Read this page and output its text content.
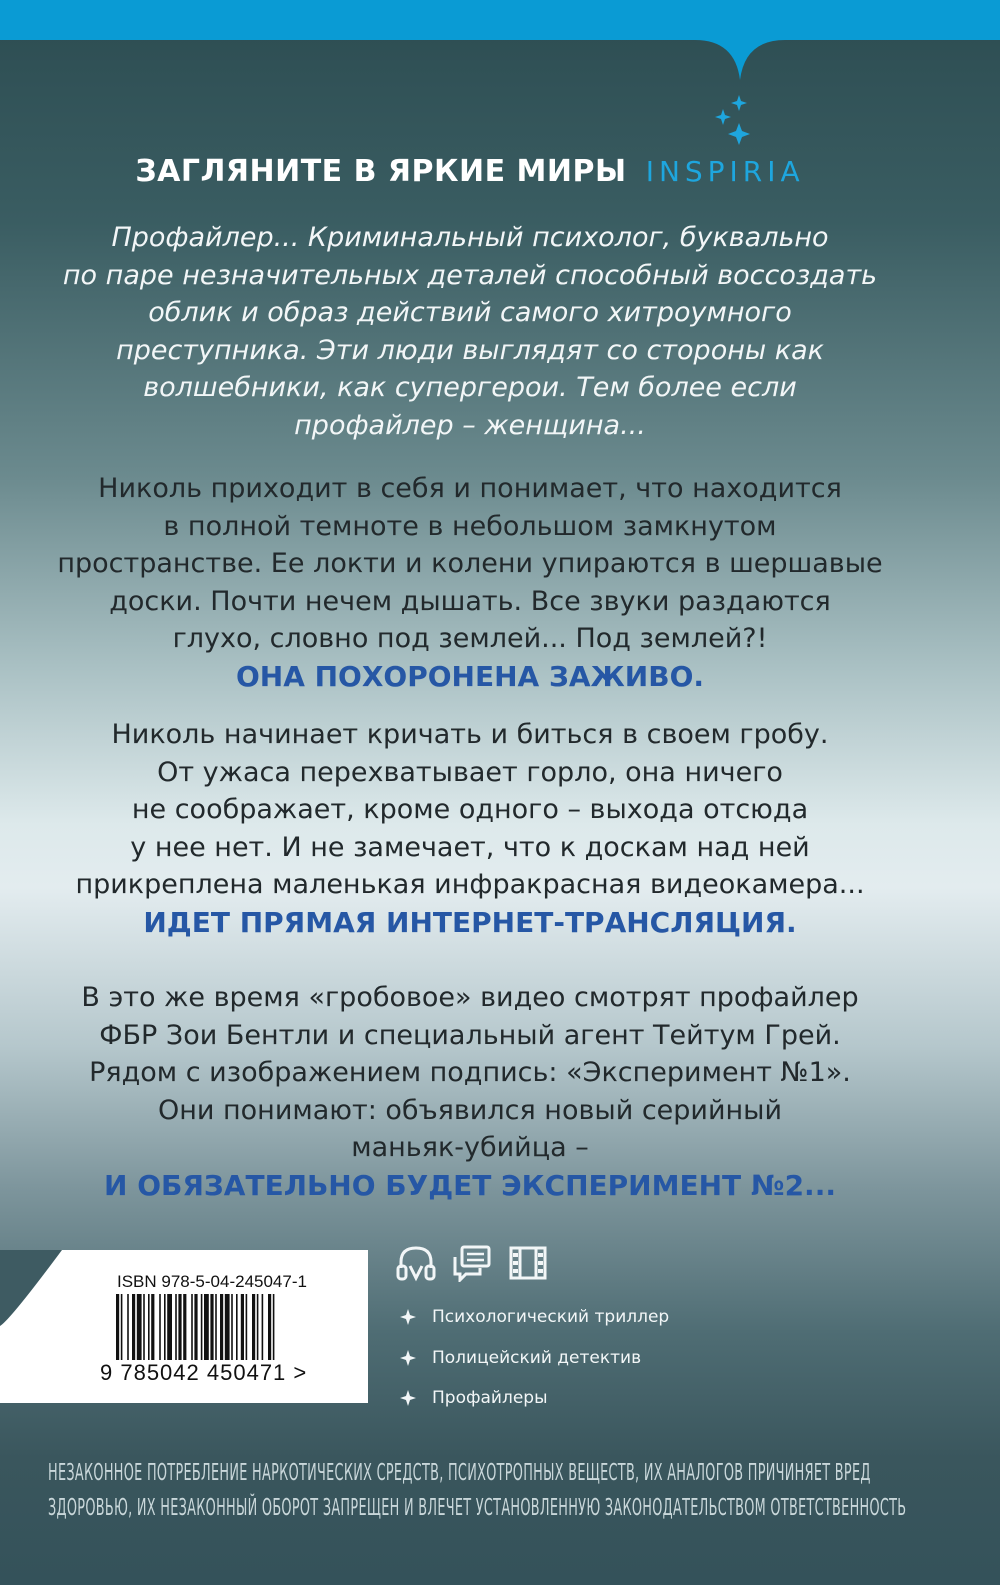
ЗАГЛЯНИТЕ В ЯРКИЕ МИРЫ INSPIRIA
Профайлер... Криминальный психолог, буквально
по паре незначительных деталей способный воссоздать
облик и образ действий самого хитроумного
преступника. Эти люди выглядят со стороны как
волшебники, как супергерои. Тем более если
профайлер – женщина...
Николь приходит в себя и понимает, что находится
в полной темноте в небольшом замкнутом
пространстве. Ее локти и колени упираются в шершавые
доски. Почти нечем дышать. Все звуки раздаются
глухо, словно под землей... Под землей?!
ОНА ПОХОРОНЕНА ЗАЖИВО.
Николь начинает кричать и биться в своем гробу.
От ужаса перехватывает горло, она ничего
не соображает, кроме одного – выхода отсюда
у нее нет. И не замечает, что к доскам над ней
прикреплена маленькая инфракрасная видеокамера...
ИДЕТ ПРЯМАЯ ИНТЕРНЕТ-ТРАНСЛЯЦИЯ.
В это же время «гробовое» видео смотрят профайлер
ФБР Зои Бентли и специальный агент Тейтум Грей.
Рядом с изображением подпись: «Эксперимент №1».
Они понимают: объявился новый серийный
маньяк-убийца –
И ОБЯЗАТЕЛЬНО БУДЕТ ЭКСПЕРИМЕНТ №2...
ISBN 978-5-04-245047-1
9 785042 450471 >
Психологический триллер
Полицейский детектив
Профайлеры
НЕЗАКОННОЕ ПОТРЕБЛЕНИЕ НАРКОТИЧЕСКИХ СРЕДСТВ, ПСИХОТРОПНЫХ ВЕЩЕСТВ, ИХ АНАЛОГОВ ПРИЧИНЯЕТ ВРЕД
ЗДОРОВЬЮ, ИХ НЕЗАКОННЫЙ ОБОРОТ ЗАПРЕЩЕН И ВЛЕЧЕТ УСТАНОВЛЕННУЮ ЗАКОНОДАТЕЛЬСТВОМ ОТВЕТСТВЕННОСТЬ
